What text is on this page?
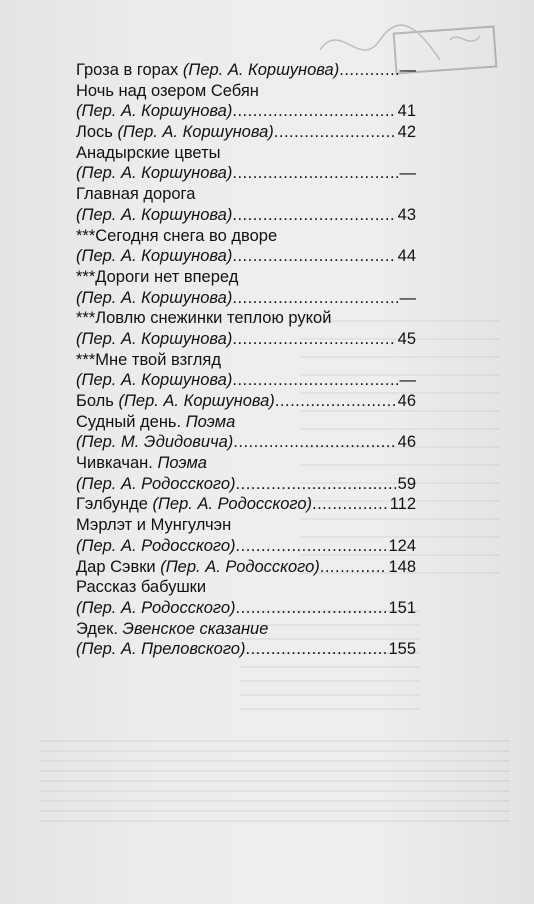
Гроза в горах (Пер. А. Коршунова) .....	—
Ночь над озером Себян
(Пер. А. Коршунова) .....	41
Лось (Пер. А. Коршунова) .....	42
Анадырские цветы
(Пер. А. Коршунова) .....	—
Главная дорога
(Пер. А. Коршунова) .....	43
***Сегодня снега во дворе
(Пер. А. Коршунова) .....	44
***Дороги нет вперед
(Пер. А. Коршунова) .....	—
***Ловлю снежинки теплою рукой
(Пер. А. Коршунова) .....	45
***Мне твой взгляд
(Пер. А. Коршунова) .....	—
Боль (Пер. А. Коршунова) .....	46
Судный день. Поэма
(Пер. М. Эдидовича) .....	46
Чивкачан. Поэма
(Пер. А. Родосского) .....	59
Гэлбунде (Пер. А. Родосского) .....	112
Мэрлэт и Мунгулчэн
(Пер. А. Родосского) .....	124
Дар Сэвки (Пер. А. Родосского) .....	148
Рассказ бабушки
(Пер. А. Родосского) .....	151
Эдек. Эвенское сказание
(Пер. А. Преловского) .....	155
